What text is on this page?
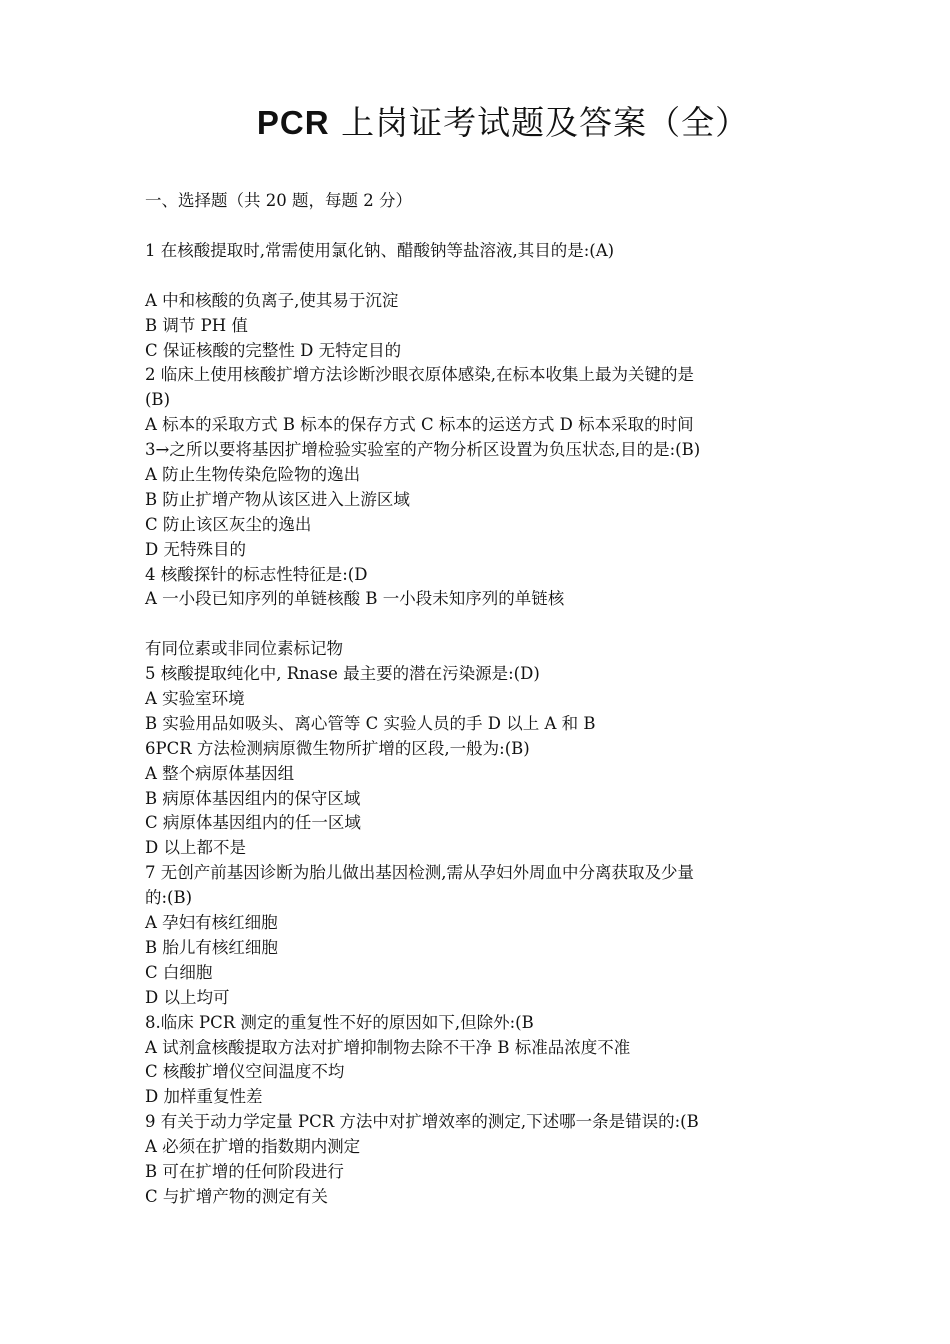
PCR 上岗证考试题及答案（全）
一、选择题（共 20 题，每题 2 分）
1 在核酸提取时,常需使用氯化钠、醋酸钠等盐溶液,其目的是:(A)
A 中和核酸的负离子,使其易于沉淀
B 调节 PH 值
C 保证核酸的完整性 D 无特定目的
2 临床上使用核酸扩增方法诊断沙眼衣原体感染,在标本收集上最为关键的是
(B)
A 标本的采取方式 B 标本的保存方式 C 标本的运送方式 D 标本采取的时间
3→之所以要将基因扩增检验实验室的产物分析区设置为负压状态,目的是:(B)
A 防止生物传染危险物的逸出
B 防止扩增产物从该区进入上游区域
C 防止该区灰尘的逸出
D 无特殊目的
4 核酸探针的标志性特征是:(D
A 一小段已知序列的单链核酸 B 一小段未知序列的单链核
有同位素或非同位素标记物
5 核酸提取纯化中, Rnase 最主要的潜在污染源是:(D)
A 实验室环境
B 实验用品如吸头、离心管等 C 实验人员的手 D 以上 A 和 B
6PCR 方法检测病原微生物所扩增的区段,一般为:(B)
A 整个病原体基因组
B 病原体基因组内的保守区域
C 病原体基因组内的任一区域
D 以上都不是
7 无创产前基因诊断为胎儿做出基因检测,需从孕妇外周血中分离获取及少量
的:(B)
A 孕妇有核红细胞
B 胎儿有核红细胞
C 白细胞
D 以上均可
8.临床 PCR 测定的重复性不好的原因如下,但除外:(B
A 试剂盒核酸提取方法对扩增抑制物去除不干净 B 标准品浓度不准
C 核酸扩增仪空间温度不均
D 加样重复性差
9 有关于动力学定量 PCR 方法中对扩增效率的测定,下述哪一条是错误的:(B
A 必须在扩增的指数期内测定
B 可在扩增的任何阶段进行
C 与扩增产物的测定有关
